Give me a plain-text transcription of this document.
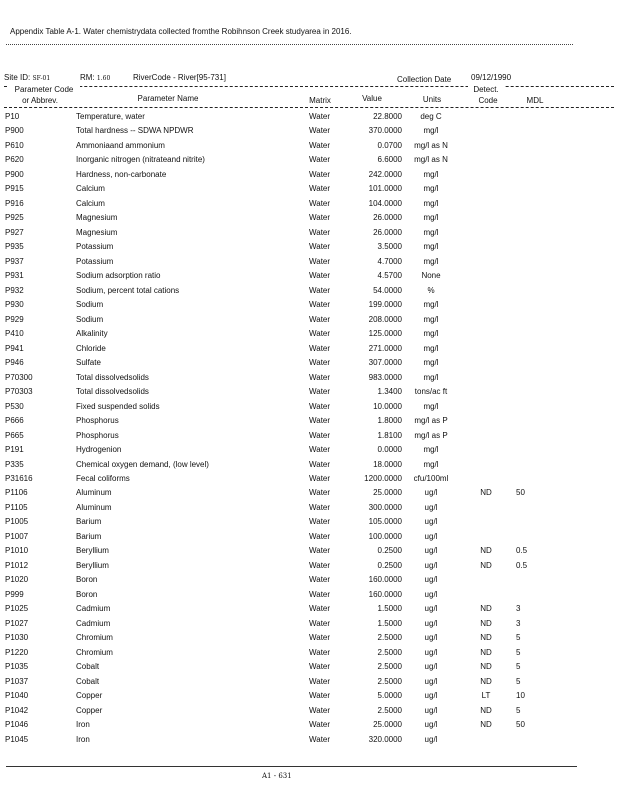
Appendix Table A-1. Water chemistrydata collected fromthe Robihnson Creek studyarea in 2016.
Site ID: SF-01	RM: 1.60	RiverCode - River[95-731]	Collection Date 09/12/1990
Parameter Code
or Abbrev.	Parameter Name	Matrix	Value	Units
Detect.
Code	MDL
P10	Temperature, water	Water	22.8000	deg C
P900	Total hardness -- SDWA NPDWR	Water	370.0000	mg/l
P610	Ammoniaand ammonium	Water	0.0700	mg/l as N
P620	Inorganic nitrogen (nitrateand nitrite)	Water	6.6000	mg/l as N
P900	Hardness, non-carbonate	Water	242.0000	mg/l
P915	Calcium	Water	101.0000	mg/l
P916	Calcium	Water	104.0000	mg/l
P925	Magnesium	Water	26.0000	mg/l
P927	Magnesium	Water	26.0000	mg/l
P935	Potassium	Water	3.5000	mg/l
P937	Potassium	Water	4.7000	mg/l
P931	Sodium adsorption ratio	Water	4.5700	None
P932	Sodium, percent total cations	Water	54.0000	%
P930	Sodium	Water	199.0000	mg/l
P929	Sodium	Water	208.0000	mg/l
P410	Alkalinity	Water	125.0000	mg/l
P941	Chloride	Water	271.0000	mg/l
P946	Sulfate	Water	307.0000	mg/l
P70300	Total dissolvedsolids	Water	983.0000	mg/l
P70303	Total dissolvedsolids	Water	1.3400	tons/ac ft
P530	Fixed suspended solids	Water	10.0000	mg/l
P666	Phosphorus	Water	1.8000	mg/l as P
P665	Phosphorus	Water	1.8100	mg/l as P
P191	Hydrogenion	Water	0.0000	mg/l
P335	Chemical oxygen demand, (low level)	Water	18.0000	mg/l
P31616	Fecal coliforms	Water	1200.0000	cfu/100ml
P1106	Aluminum	Water	25.0000	ug/l	ND	50
P1105	Aluminum	Water	300.0000	ug/l
P1005	Barium	Water	105.0000	ug/l
P1007	Barium	Water	100.0000	ug/l
P1010	Beryllium	Water	0.2500	ug/l	ND	0.5
P1012	Beryllium	Water	0.2500	ug/l	ND	0.5
P1020	Boron	Water	160.0000	ug/l
P999	Boron	Water	160.0000	ug/l
P1025	Cadmium	Water	1.5000	ug/l	ND	3
P1027	Cadmium	Water	1.5000	ug/l	ND	3
P1030	Chromium	Water	2.5000	ug/l	ND	5
P1220	Chromium	Water	2.5000	ug/l	ND	5
P1035	Cobalt	Water	2.5000	ug/l	ND	5
P1037	Cobalt	Water	2.5000	ug/l	ND	5
P1040	Copper	Water	5.0000	ug/l	LT	10
P1042	Copper	Water	2.5000	ug/l	ND	5
P1046	Iron	Water	25.0000	ug/l	ND	50
P1045	Iron	Water	320.0000	ug/l
A1 - 631
